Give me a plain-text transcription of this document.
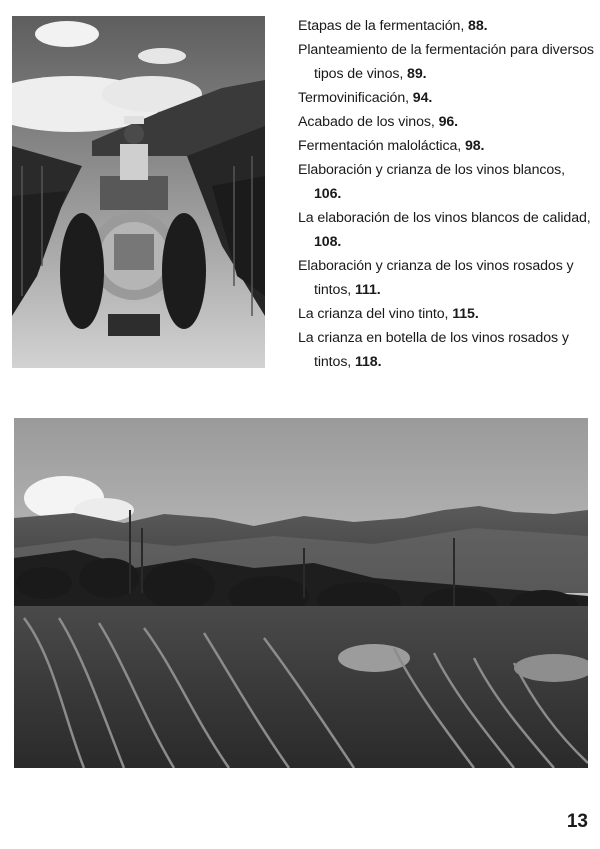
Etapas de la fermentación, 88.
Planteamiento de la fermentación para diversos tipos de vinos, 89.
Termovinificación, 94.
Acabado de los vinos, 96.
Fermentación maloláctica, 98.
Elaboración y crianza de los vinos blancos,
106.
La elaboración de los vinos blancos de calidad,
108.
Elaboración y crianza de los vinos rosados y tintos, 111.
La crianza del vino tinto, 115.
La crianza en botella de los vinos rosados y tintos, 118.
13
